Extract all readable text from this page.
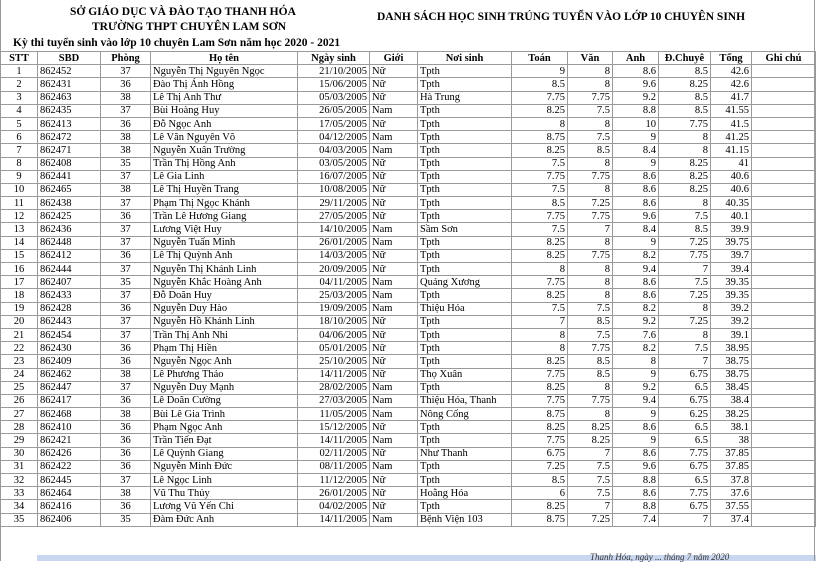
SỞ GIÁO DỤC VÀ ĐÀO TẠO THANH HÓA
TRƯỜNG THPT CHUYÊN LAM SƠN
DANH SÁCH HỌC SINH TRÚNG TUYỂN VÀO LỚP 10 CHUYÊN SINH
Kỳ thi tuyển sinh vào lớp 10 chuyên Lam Sơn năm học 2020 - 2021
STT	SBD	Phòng	Họ tên	Ngày sinh	Giới	Nơi sinh	Toán	Văn	Anh	Đ.Chuyê	Tổng	Ghi chú
1	862452	37	Nguyễn Thị Nguyên Ngọc	21/10/2005	Nữ	Tpth	9	8	8.6	8.5	42.6	
2	862431	36	Đào Thị Ánh Hồng	15/06/2005	Nữ	Tpth	8.5	8	9.6	8.25	42.6	
3	862463	38	Lê Thị Anh Thư	05/03/2005	Nữ	Hà Trung	7.75	7.75	9.2	8.5	41.7	
4	862435	37	Bùi Hoàng Huy	26/05/2005	Nam	Tpth	8.25	7.5	8.8	8.5	41.55	
5	862413	36	Đỗ Ngọc Anh	17/05/2005	Nữ	Tpth	8	8	10	7.75	41.5	
6	862472	38	Lê Văn Nguyên Võ	04/12/2005	Nam	Tpth	8.75	7.5	9	8	41.25	
7	862471	38	Nguyễn Xuân Trường	04/03/2005	Nam	Tpth	8.25	8.5	8.4	8	41.15	
8	862408	35	Trần Thị Hồng Anh	03/05/2005	Nữ	Tpth	7.5	8	9	8.25	41	
9	862441	37	Lê Gia Linh	16/07/2005	Nữ	Tpth	7.75	7.75	8.6	8.25	40.6	
10	862465	38	Lê Thị Huyền Trang	10/08/2005	Nữ	Tpth	7.5	8	8.6	8.25	40.6	
11	862438	37	Phạm Thị Ngọc Khánh	29/11/2005	Nữ	Tpth	8.5	7.25	8.6	8	40.35	
12	862425	36	Trần Lê Hương Giang	27/05/2005	Nữ	Tpth	7.75	7.75	9.6	7.5	40.1	
13	862436	37	Lương Việt Huy	14/10/2005	Nam	Sầm Sơn	7.5	7	8.4	8.5	39.9	
14	862448	37	Nguyễn Tuấn Minh	26/01/2005	Nam	Tpth	8.25	8	9	7.25	39.75	
15	862412	36	Lê Thị Quỳnh Anh	14/03/2005	Nữ	Tpth	8.25	7.75	8.2	7.75	39.7	
16	862444	37	Nguyễn Thị Khánh Linh	20/09/2005	Nữ	Tpth	8	8	9.4	7	39.4	
17	862407	35	Nguyễn Khắc Hoàng Anh	04/11/2005	Nam	Quảng Xương	7.75	8	8.6	7.5	39.35	
18	862433	37	Đỗ Doãn Huy	25/03/2005	Nam	Tpth	8.25	8	8.6	7.25	39.35	
19	862428	36	Nguyễn Duy Hào	19/09/2005	Nam	Thiệu Hóa	7.5	7.5	8.2	8	39.2	
20	862443	37	Nguyễn Hồ Khánh Linh	18/10/2005	Nữ	Tpth	7	8.5	9.2	7.25	39.2	
21	862454	37	Trần Thị Anh Nhi	04/06/2005	Nữ	Tpth	8	7.5	7.6	8	39.1	
22	862430	36	Phạm Thị Hiền	05/01/2005	Nữ	Tpth	8	7.75	8.2	7.5	38.95	
23	862409	36	Nguyễn Ngọc Anh	25/10/2005	Nữ	Tpth	8.25	8.5	8	7	38.75	
24	862462	38	Lê Phương Thảo	14/11/2005	Nữ	Thọ Xuân	7.75	8.5	9	6.75	38.75	
25	862447	37	Nguyễn Duy Mạnh	28/02/2005	Nam	Tpth	8.25	8	9.2	6.5	38.45	
26	862417	36	Lê Doãn Cường	27/03/2005	Nam	Thiệu Hóa, Thanh	7.75	7.75	9.4	6.75	38.4	
27	862468	38	Bùi Lê Gia Trình	11/05/2005	Nam	Nông Cống	8.75	8	9	6.25	38.25	
28	862410	36	Phạm Ngọc Anh	15/12/2005	Nữ	Tpth	8.25	8.25	8.6	6.5	38.1	
29	862421	36	Trần Tiến Đạt	14/11/2005	Nam	Tpth	7.75	8.25	9	6.5	38	
30	862426	36	Lê Quỳnh Giang	02/11/2005	Nữ	Như Thanh	6.75	7	8.6	7.75	37.85	
31	862422	36	Nguyễn Minh Đức	08/11/2005	Nam	Tpth	7.25	7.5	9.6	6.75	37.85	
32	862445	37	Lê Ngọc Linh	11/12/2005	Nữ	Tpth	8.5	7.5	8.8	6.5	37.8	
33	862464	38	Vũ Thu Thủy	26/01/2005	Nữ	Hoằng Hóa	6	7.5	8.6	7.75	37.6	
34	862416	36	Lương Vũ Yến Chi	04/02/2005	Nữ	Tpth	8.25	7	8.8	6.75	37.55	
35	862406	35	Đàm Đức Anh	14/11/2005	Nam	Bệnh Viện 103	8.75	7.25	7.4	7	37.4	
Thanh Hóa, ngày ... tháng 7 năm 2020
